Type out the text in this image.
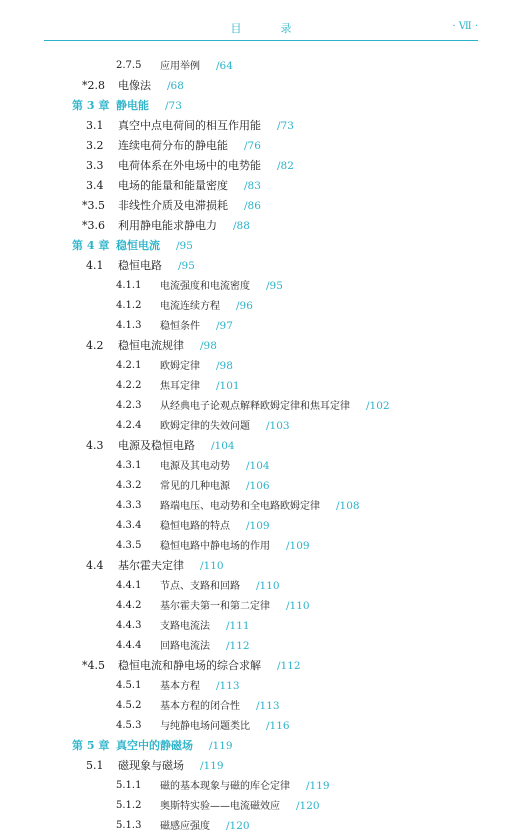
目　录	· Ⅶ ·
2.7.5 应用举例 /64
*2.8 电像法 /68
第 3 章 静电能 /73
3.1 真空中点电荷间的相互作用能 /73
3.2 连续电荷分布的静电能 /76
3.3 电荷体系在外电场中的电势能 /82
3.4 电场的能量和能量密度 /83
*3.5 非线性介质及电滞损耗 /86
*3.6 利用静电能求静电力 /88
第 4 章 稳恒电流 /95
4.1 稳恒电路 /95
4.1.1 电流强度和电流密度 /95
4.1.2 电流连续方程 /96
4.1.3 稳恒条件 /97
4.2 稳恒电流规律 /98
4.2.1 欧姆定律 /98
4.2.2 焦耳定律 /101
4.2.3 从经典电子论观点解释欧姆定律和焦耳定律 /102
4.2.4 欧姆定律的失效问题 /103
4.3 电源及稳恒电路 /104
4.3.1 电源及其电动势 /104
4.3.2 常见的几种电源 /106
4.3.3 路端电压、电动势和全电路欧姆定律 /108
4.3.4 稳恒电路的特点 /109
4.3.5 稳恒电路中静电场的作用 /109
4.4 基尔霍夫定律 /110
4.4.1 节点、支路和回路 /110
4.4.2 基尔霍夫第一和第二定律 /110
4.4.3 支路电流法 /111
4.4.4 回路电流法 /112
*4.5 稳恒电流和静电场的综合求解 /112
4.5.1 基本方程 /113
4.5.2 基本方程的闭合性 /113
4.5.3 与纯静电场问题类比 /116
第 5 章 真空中的静磁场 /119
5.1 磁现象与磁场 /119
5.1.1 磁的基本现象与磁的库仑定律 /119
5.1.2 奥斯特实验——电流磁效应 /120
5.1.3 磁感应强度 /120
